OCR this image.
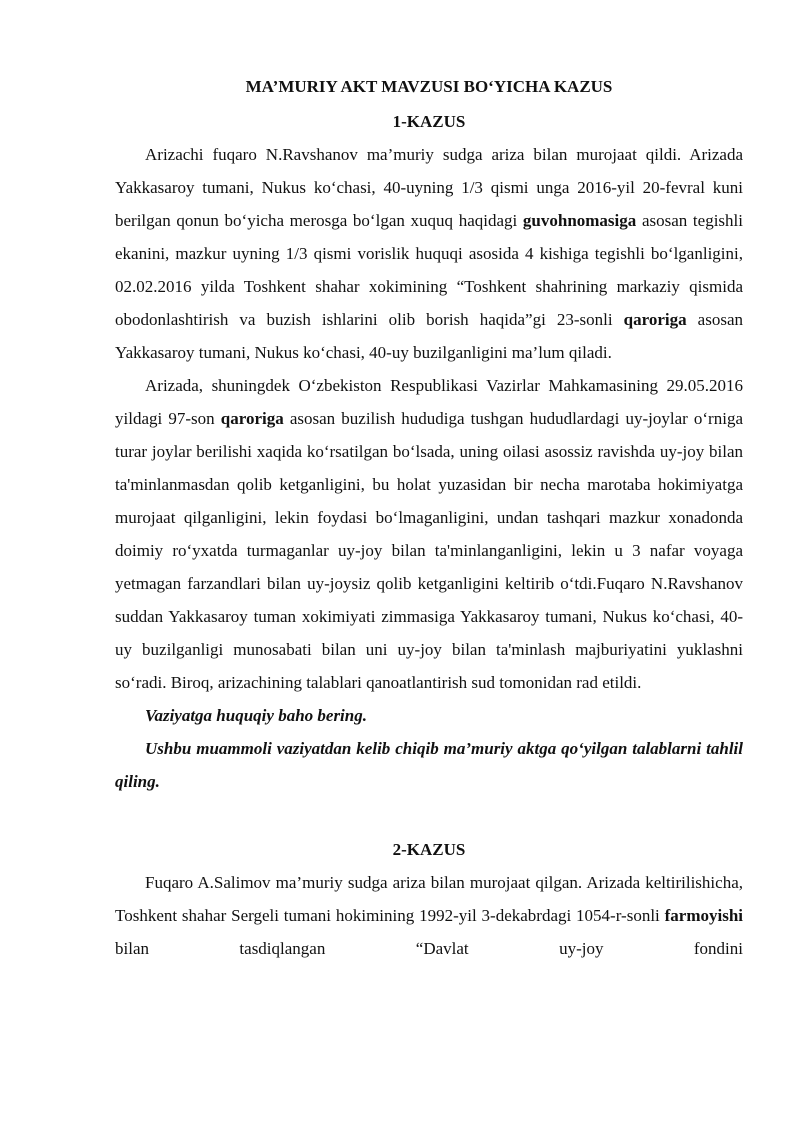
MA’MURIY AKT MAVZUSI BO‘YICHA KAZUS
1-KAZUS

Arizachi fuqaro N.Ravshanov ma’muriy sudga ariza bilan murojaat qildi. Arizada Yakkasaroy tumani, Nukus ko‘chasi, 40-uyning 1/3 qismi unga 2016-yil 20-fevral kuni berilgan qonun bo‘yicha merosga bo‘lgan xuquq haqidagi guvohnomasiga asosan tegishli ekanini, mazkur uyning 1/3 qismi vorislik huquqi asosida 4 kishiga tegishli bo‘lganligini, 02.02.2016 yilda Toshkent shahar xokimining “Toshkent shahrining markaziy qismida obodonlashtirish va buzish ishlarini olib borish haqida”gi 23-sonli qaroriga asosan Yakkasaroy tumani, Nukus ko‘chasi, 40-uy buzilganligini ma’lum qiladi.

Arizada, shuningdek O‘zbekiston Respublikasi Vazirlar Mahkamasining 29.05.2016 yildagi 97-son qaroriga asosan buzilish hududiga tushgan hududlardagi uy-joylar o‘rniga turar joylar berilishi xaqida ko‘rsatilgan bo‘lsada, uning oilasi asossiz ravishda uy-joy bilan ta'minlanmasdan qolib ketganligini, bu holat yuzasidan bir necha marotaba hokimiyatga murojaat qilganligini, lekin foydasi bo‘lmaganligini, undan tashqari mazkur xonadonda doimiy ro‘yxatda turmaganlar uy-joy bilan ta'minlanganligini, lekin u 3 nafar voyaga yetmagan farzandlari bilan uy-joysiz qolib ketganligini keltirib o‘tdi.Fuqaro N.Ravshanov suddan Yakkasaroy tuman xokimiyati zimmasiga Yakkasaroy tumani, Nukus ko‘chasi, 40-uy buzilganligi munosabati bilan uni uy-joy bilan ta'minlash majburiyatini yuklashni so‘radi. Biroq, arizachining talablari qanoatlantirish sud tomonidan rad etildi.

Vaziyatga huquqiy baho bering.

Ushbu muammoli vaziyatdan kelib chiqib ma’muriy aktga qo‘yilgan talablarni tahlil qiling.

2-KAZUS

Fuqaro A.Salimov ma’muriy sudga ariza bilan murojaat qilgan. Arizada keltirilishicha, Toshkent shahar Sergeli tumani hokimining 1992-yil 3-dekabrdagi 1054-r-sonli farmoyishi bilan tasdiqlangan “Davlat uy-joy fondini
